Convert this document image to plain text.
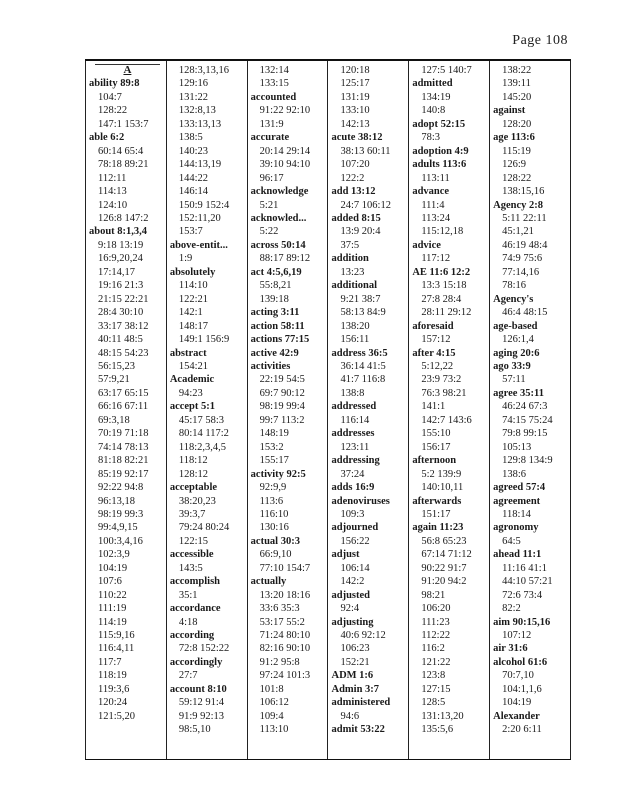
Page 108
A
ability 89:8
104:7
128:22
147:1 153:7
able 6:2
60:14 65:4
78:18 89:21
112:11
114:13
124:10
126:8 147:2
about 8:1,3,4
9:18 13:19
16:9,20,24
17:14,17
19:16 21:3
21:15 22:21
28:4 30:10
33:17 38:12
40:11 48:5
48:15 54:23
56:15,23
57:9,21
63:17 65:15
66:16 67:11
69:3,18
70:19 71:18
74:14 78:13
81:18 82:21
85:19 92:17
92:22 94:8
96:13,18
98:19 99:3
99:4,9,15
100:3,4,16
102:3,9
104:19
107:6
110:22
111:19
114:19
115:9,16
116:4,11
117:7
118:19
119:3,6
120:24
121:5,20
128:3,13,16
129:16
131:22
132:8,13
133:13,13
138:5
140:23
144:13,19
144:22
146:14
150:9 152:4
152:11,20
153:7
above-entit...
1:9
absolutely
114:10
122:21
142:1
148:17
149:1 156:9
abstract
154:21
Academic
94:23
accept 5:1
45:17 58:3
80:14 117:2
118:2,3,4,5
118:12
128:12
acceptable
38:20,23
39:3,7
79:24 80:24
122:15
accessible
143:5
accomplish
35:1
accordance
4:18
according
72:8 152:22
accordingly
27:7
account 8:10
59:12 91:4
91:9 92:13
98:5,10
132:14
133:15
accounted
91:22 92:10
131:9
accurate
20:14 29:14
39:10 94:10
96:17
acknowledge
5:21
acknowled...
5:22
across 50:14
88:17 89:12
act 4:5,6,19
55:8,21
139:18
acting 3:11
action 58:11
actions 77:15
active 42:9
activities
22:19 54:5
69:7 90:12
98:19 99:4
99:7 113:2
148:19
153:2
155:17
activity 92:5
92:9,9
113:6
116:10
130:16
actual 30:3
66:9,10
77:10 154:7
actually
13:20 18:16
33:6 35:3
53:17 55:2
71:24 80:10
82:16 90:10
91:2 95:8
97:24 101:3
101:8
106:12
109:4
113:10
120:18
125:17
131:19
133:10
142:13
acute 38:12
38:13 60:11
107:20
122:2
add 13:12
24:7 106:12
added 8:15
13:9 20:4
37:5
addition
13:23
additional
9:21 38:7
58:13 84:9
138:20
156:11
address 36:5
36:14 41:5
41:7 116:8
138:8
addressed
116:14
addresses
123:11
addressing
37:24
adds 16:9
adenoviruses
109:3
adjourned
156:22
adjust
106:14
142:2
adjusted
92:4
adjusting
40:6 92:12
106:23
152:21
ADM 1:6
Admin 3:7
administered
94:6
admit 53:22
127:5 140:7
admitted
134:19
140:8
adopt 52:15
78:3
adoption 4:9
adults 113:6
113:11
advance
111:4
113:24
115:12,18
advice
117:12
AE 11:6 12:2
13:3 15:18
27:8 28:4
28:11 29:12
aforesaid
157:12
after 4:15
5:12,22
23:9 73:2
76:3 98:21
141:1
142:7 143:6
155:10
156:17
afternoon
5:2 139:9
140:10,11
afterwards
151:17
again 11:23
56:8 65:23
67:14 71:12
90:22 91:7
91:20 94:2
98:21
106:20
111:23
112:22
116:2
121:22
123:8
127:15
128:5
131:13,20
135:5,6
138:22
139:11
145:20
against
128:20
age 113:6
115:19
126:9
128:22
138:15,16
Agency 2:8
5:11 22:11
45:1,21
46:19 48:4
74:9 75:6
77:14,16
78:16
Agency's
46:4 48:15
age-based
126:1,4
aging 20:6
ago 33:9
57:11
agree 35:11
46:24 67:3
74:15 75:24
79:8 99:15
105:13
129:8 134:9
138:6
agreed 57:4
agreement
118:14
agronomy
64:5
ahead 11:1
11:16 41:1
44:10 57:21
72:6 73:4
82:2
aim 90:15,16
107:12
air 31:6
alcohol 61:6
70:7,10
104:1,1,6
104:19
Alexander
2:20 6:11
